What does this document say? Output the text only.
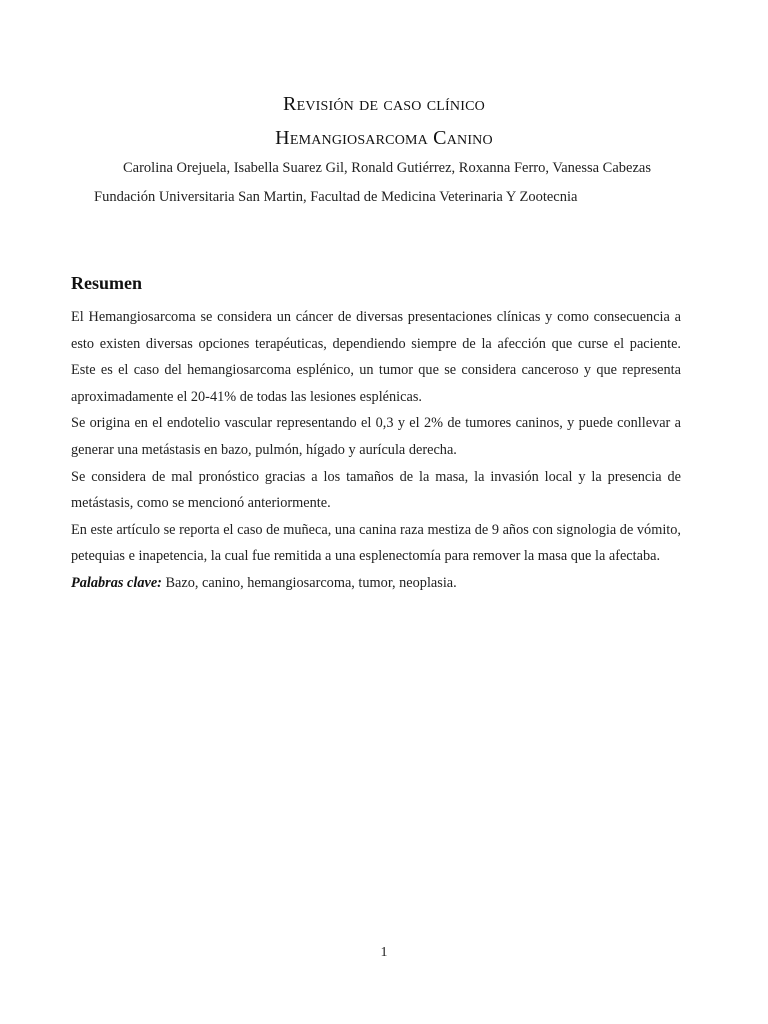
Revisión de caso clínico
Hemangiosarcoma Canino
Carolina Orejuela, Isabella Suarez Gil, Ronald Gutiérrez, Roxanna Ferro, Vanessa Cabezas
Fundación Universitaria San Martin, Facultad de Medicina Veterinaria Y Zootecnia
Resumen

El Hemangiosarcoma se considera un cáncer de diversas presentaciones clínicas y como consecuencia a esto existen diversas opciones terapéuticas, dependiendo siempre de la afección que curse el paciente. Este es el caso del hemangiosarcoma esplénico, un tumor que se considera canceroso y que representa aproximadamente el 20-41% de todas las lesiones esplénicas.

Se origina en el endotelio vascular representando el 0,3 y el 2% de tumores caninos, y puede conllevar a generar una metástasis en bazo, pulmón, hígado y aurícula derecha.

Se considera de mal pronóstico gracias a los tamaños de la masa, la invasión local y la presencia de metástasis, como se mencionó anteriormente.

En este artículo se reporta el caso de muñeca, una canina raza mestiza de 9 años con signologia de vómito, petequias e inapetencia, la cual fue remitida a una esplenectomía para remover la masa que la afectaba.

Palabras clave: Bazo, canino, hemangiosarcoma, tumor, neoplasia.

1
